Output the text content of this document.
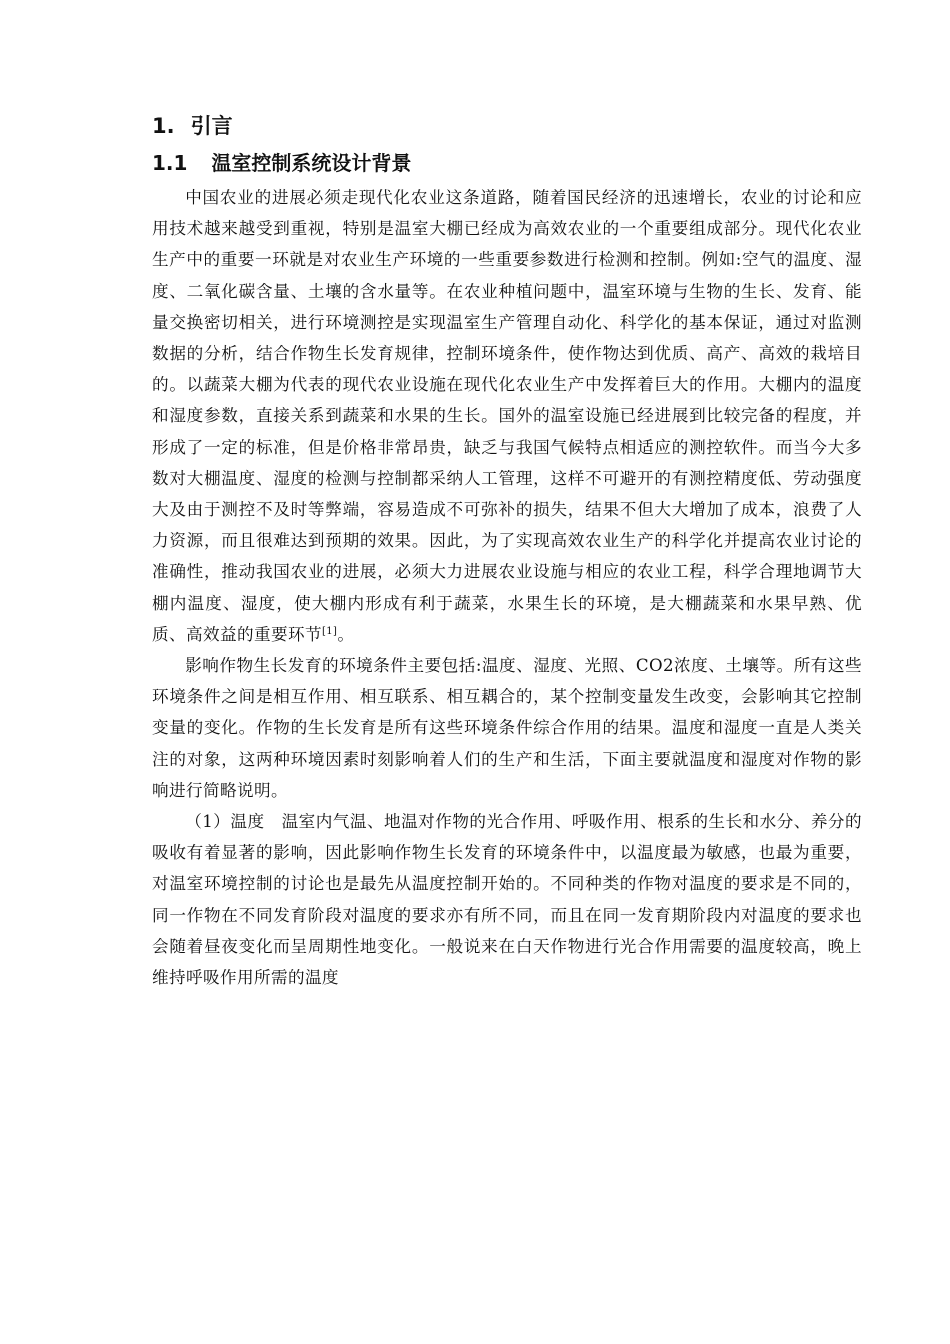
1. 引言
1.1 温室控制系统设计背景

中国农业的进展必须走现代化农业这条道路，随着国民经济的迅速增长，农业的讨论和应用技术越来越受到重视，特别是温室大棚已经成为高效农业的一个重要组成部分。现代化农业生产中的重要一环就是对农业生产环境的一些重要参数进行检测和控制。例如:空气的温度、湿度、二氧化碳含量、土壤的含水量等。在农业种植问题中，温室环境与生物的生长、发育、能量交换密切相关，进行环境测控是实现温室生产管理自动化、科学化的基本保证，通过对监测数据的分析，结合作物生长发育规律，控制环境条件，使作物达到优质、高产、高效的栽培目的。以蔬菜大棚为代表的现代农业设施在现代化农业生产中发挥着巨大的作用。大棚内的温度和湿度参数，直接关系到蔬菜和水果的生长。国外的温室设施已经进展到比较完备的程度，并形成了一定的标准，但是价格非常昂贵，缺乏与我国气候特点相适应的测控软件。而当今大多数对大棚温度、湿度的检测与控制都采纳人工管理，这样不可避开的有测控精度低、劳动强度大及由于测控不及时等弊端，容易造成不可弥补的损失，结果不但大大增加了成本，浪费了人力资源，而且很难达到预期的效果。因此，为了实现高效农业生产的科学化并提高农业讨论的准确性，推动我国农业的进展，必须大力进展农业设施与相应的农业工程，科学合理地调节大棚内温度、湿度，使大棚内形成有利于蔬菜，水果生长的环境，是大棚蔬菜和水果早熟、优质、高效益的重要环节[1]。

影响作物生长发育的环境条件主要包括:温度、湿度、光照、CO2浓度、土壤等。所有这些环境条件之间是相互作用、相互联系、相互耦合的，某个控制变量发生改变，会影响其它控制变量的变化。作物的生长发育是所有这些环境条件综合作用的结果。温度和湿度一直是人类关注的对象，这两种环境因素时刻影响着人们的生产和生活，下面主要就温度和湿度对作物的影响进行简略说明。

（1）温度　温室内气温、地温对作物的光合作用、呼吸作用、根系的生长和水分、养分的吸收有着显著的影响，因此影响作物生长发育的环境条件中，以温度最为敏感，也最为重要，对温室环境控制的讨论也是最先从温度控制开始的。不同种类的作物对温度的要求是不同的，同一作物在不同发育阶段对温度的要求亦有所不同，而且在同一发育期阶段内对温度的要求也会随着昼夜变化而呈周期性地变化。一般说来在白天作物进行光合作用需要的温度较高，晚上维持呼吸作用所需的温度
